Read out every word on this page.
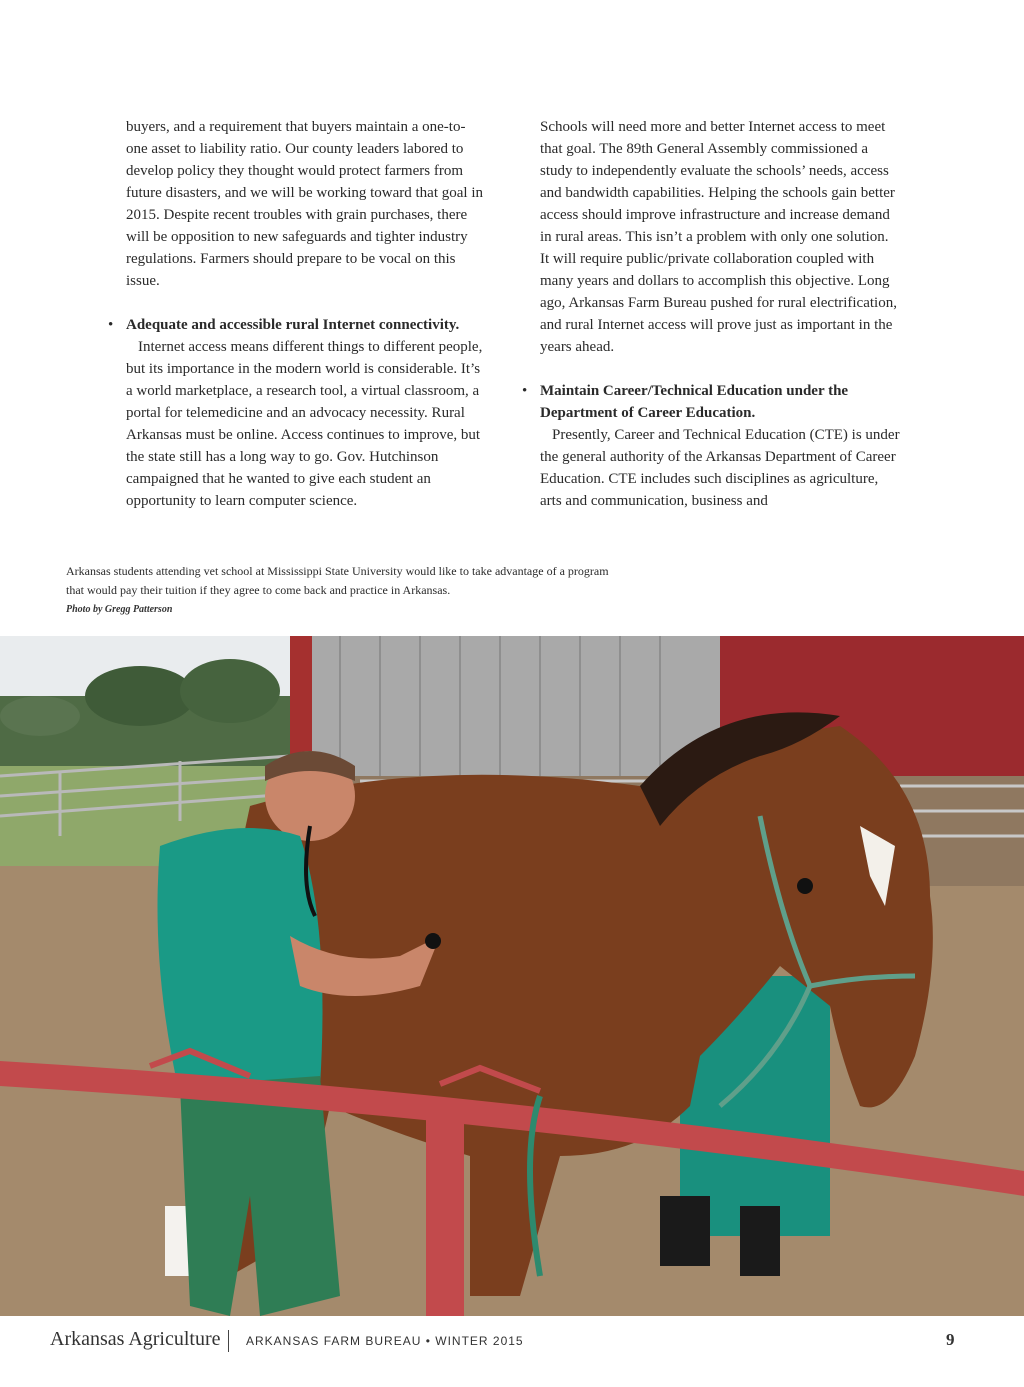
buyers, and a requirement that buyers maintain a one-to-one asset to liability ratio. Our county leaders labored to develop policy they thought would protect farmers from future disasters, and we will be working toward that goal in 2015. Despite recent troubles with grain purchases, there will be opposition to new safeguards and tighter industry regulations. Farmers should prepare to be vocal on this issue.

• Adequate and accessible rural Internet connectivity.

Internet access means different things to different people, but its importance in the modern world is considerable. It’s a world marketplace, a research tool, a virtual classroom, a portal for telemedicine and an advocacy necessity. Rural Arkansas must be online. Access continues to improve, but the state still has a long way to go. Gov. Hutchinson campaigned that he wanted to give each student an opportunity to learn computer science.

Schools will need more and better Internet access to meet that goal. The 89th General Assembly commissioned a study to independently evaluate the schools’ needs, access and bandwidth capabilities. Helping the schools gain better access should improve infrastructure and increase demand in rural areas. This isn’t a problem with only one solution. It will require public/private collaboration coupled with many years and dollars to accomplish this objective. Long ago, Arkansas Farm Bureau pushed for rural electrification, and rural Internet access will prove just as important in the years ahead.

• Maintain Career/Technical Education under the Department of Career Education.

Presently, Career and Technical Education (CTE) is under the general authority of the Arkansas Department of Career Education. CTE includes such disciplines as agriculture, arts and communication, business and

Arkansas students attending vet school at Mississippi State University would like to take advantage of a program that would pay their tuition if they agree to come back and practice in Arkansas.
Photo by Gregg Patterson
Arkansas Agriculture ARKANSAS FARM BUREAU • WINTER 2015	9
